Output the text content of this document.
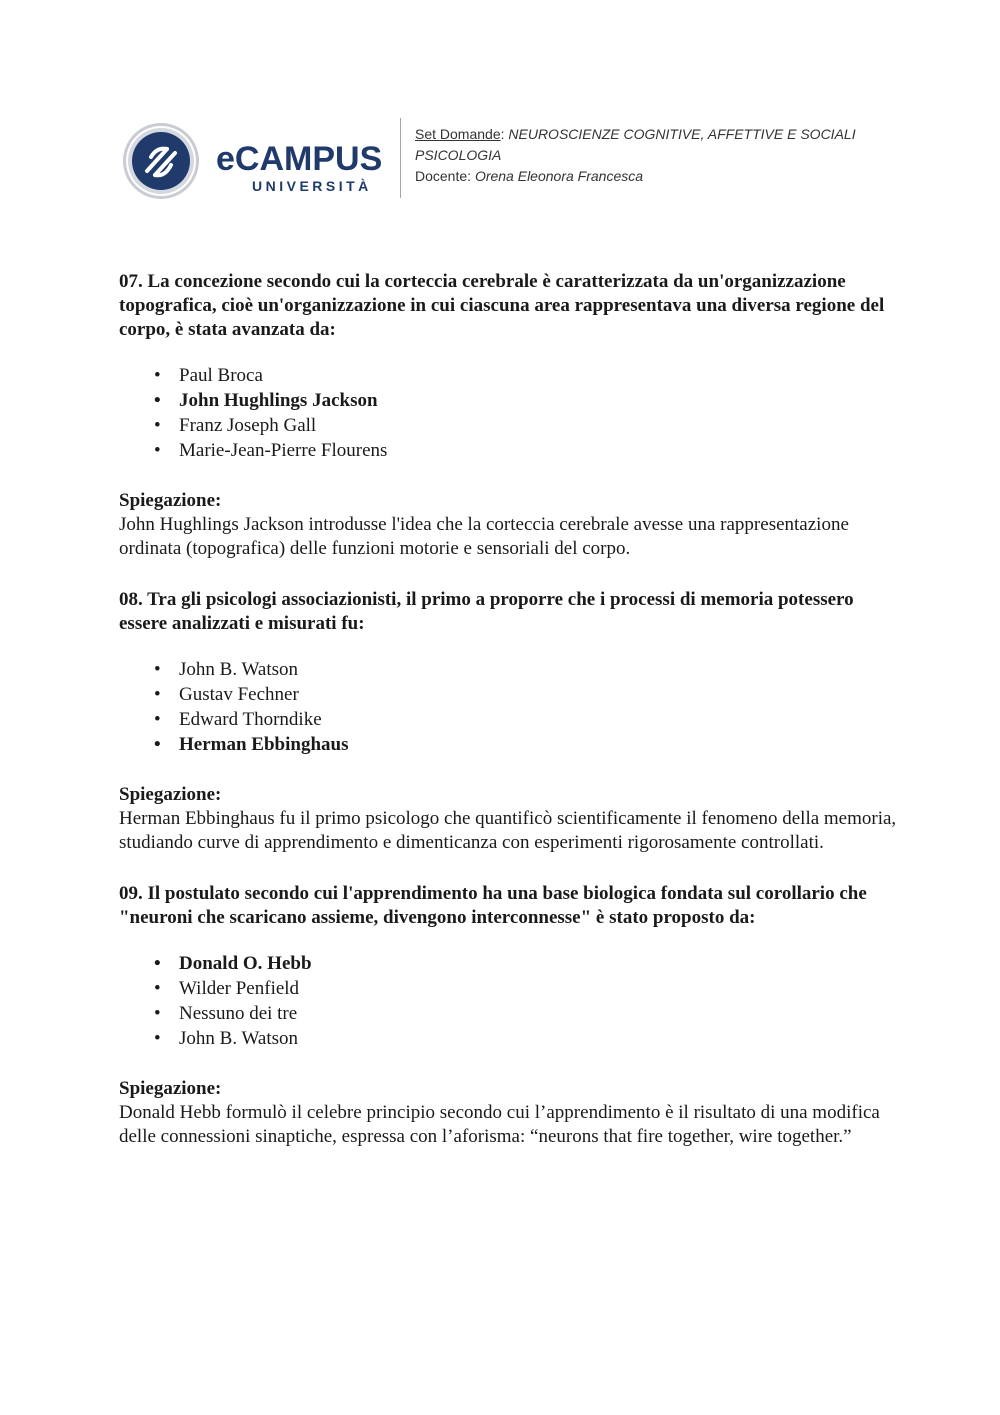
eCAMPUS
UNIVERSITÀ
Set Domande: NEUROSCIENZE COGNITIVE, AFFETTIVE E SOCIALI
PSICOLOGIA
Docente: Orena Eleonora Francesca

07. La concezione secondo cui la corteccia cerebrale è caratterizzata da un'organizzazione topografica, cioè un'organizzazione in cui ciascuna area rappresentava una diversa regione del corpo, è stata avanzata da:

• Paul Broca
• John Hughlings Jackson
• Franz Joseph Gall
• Marie-Jean-Pierre Flourens

Spiegazione:

John Hughlings Jackson introdusse l'idea che la corteccia cerebrale avesse una rappresentazione ordinata (topografica) delle funzioni motorie e sensoriali del corpo.

08. Tra gli psicologi associazionisti, il primo a proporre che i processi di memoria potessero essere analizzati e misurati fu:

• John B. Watson
• Gustav Fechner
• Edward Thorndike
• Herman Ebbinghaus

Spiegazione:

Herman Ebbinghaus fu il primo psicologo che quantificò scientificamente il fenomeno della memoria, studiando curve di apprendimento e dimenticanza con esperimenti rigorosamente controllati.

09. Il postulato secondo cui l'apprendimento ha una base biologica fondata sul corollario che "neuroni che scaricano assieme, divengono interconnesse" è stato proposto da:

• Donald O. Hebb
• Wilder Penfield
• Nessuno dei tre
• John B. Watson

Spiegazione:

Donald Hebb formulò il celebre principio secondo cui l’apprendimento è il risultato di una modifica delle connessioni sinaptiche, espressa con l’aforisma: “neurons that fire together, wire together.”
